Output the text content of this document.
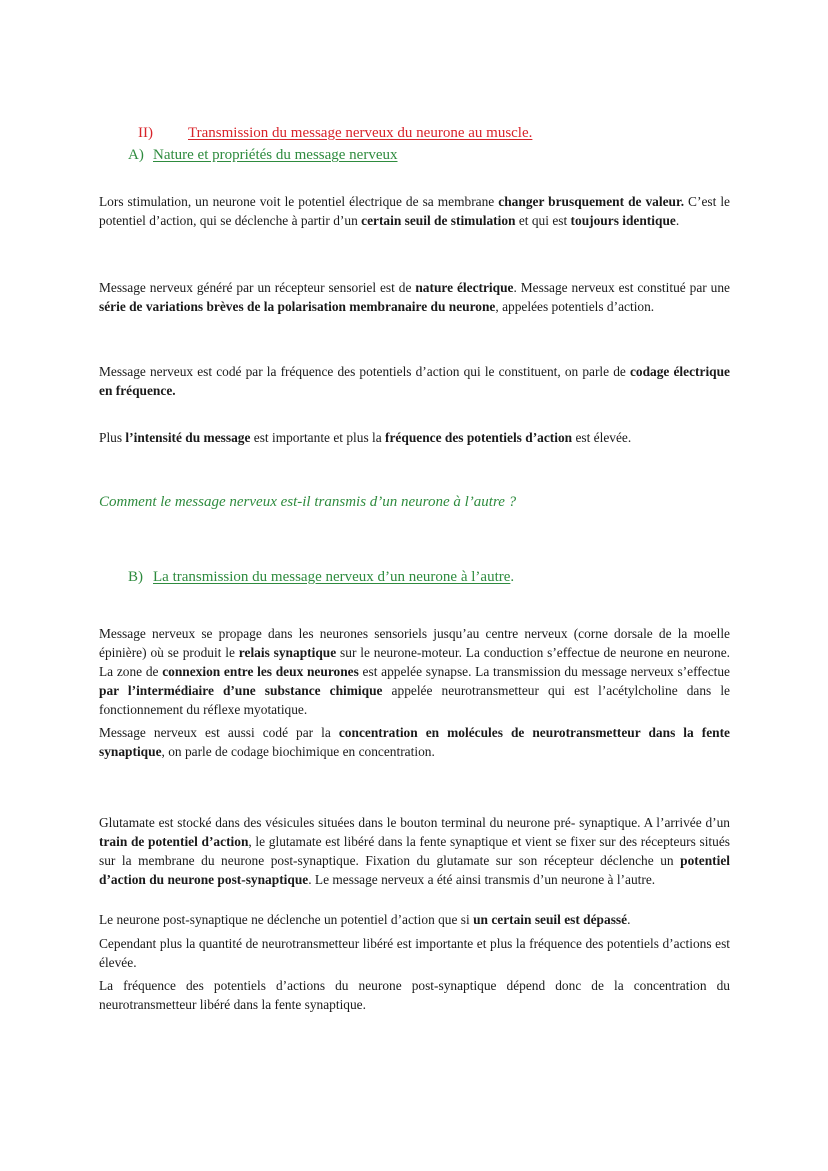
II) Transmission du message nerveux du neurone au muscle.
A) Nature et propriétés du message nerveux

Lors stimulation, un neurone voit le potentiel électrique de sa membrane changer brusquement de valeur. C’est le potentiel d’action, qui se déclenche à partir d’un certain seuil de stimulation et qui est toujours identique.

Message nerveux généré par un récepteur sensoriel est de nature électrique. Message nerveux est constitué par une série de variations brèves de la polarisation membranaire du neurone, appelées potentiels d’action.

Message nerveux est codé par la fréquence des potentiels d’action qui le constituent, on parle de codage électrique en fréquence.

Plus l’intensité du message est importante et plus la fréquence des potentiels d’action est élevée.

Comment le message nerveux est-il transmis d’un neurone à l’autre ?
B) La transmission du message nerveux d’un neurone à l’autre.

Message nerveux se propage dans les neurones sensoriels jusqu’au centre nerveux (corne dorsale de la moelle épinière) où se produit le relais synaptique sur le neurone-moteur. La conduction s’effectue de neurone en neurone. La zone de connexion entre les deux neurones est appelée synapse. La transmission du message nerveux s’effectue par l’intermédiaire d’une substance chimique appelée neurotransmetteur qui est l’acétylcholine dans le fonctionnement du réflexe myotatique.

Message nerveux est aussi codé par la concentration en molécules de neurotransmetteur dans la fente synaptique, on parle de codage biochimique en concentration.

Glutamate est stocké dans des vésicules situées dans le bouton terminal du neurone pré- synaptique. A l’arrivée d’un train de potentiel d’action, le glutamate est libéré dans la fente synaptique et vient se fixer sur des récepteurs situés sur la membrane du neurone post-synaptique. Fixation du glutamate sur son récepteur déclenche un potentiel d’action du neurone post-synaptique. Le message nerveux a été ainsi transmis d’un neurone à l’autre.

Le neurone post-synaptique ne déclenche un potentiel d’action que si un certain seuil est dépassé.

Cependant plus la quantité de neurotransmetteur libéré est importante et plus la fréquence des potentiels d’actions est élevée.

La fréquence des potentiels d’actions du neurone post-synaptique dépend donc de la concentration du neurotransmetteur libéré dans la fente synaptique.
